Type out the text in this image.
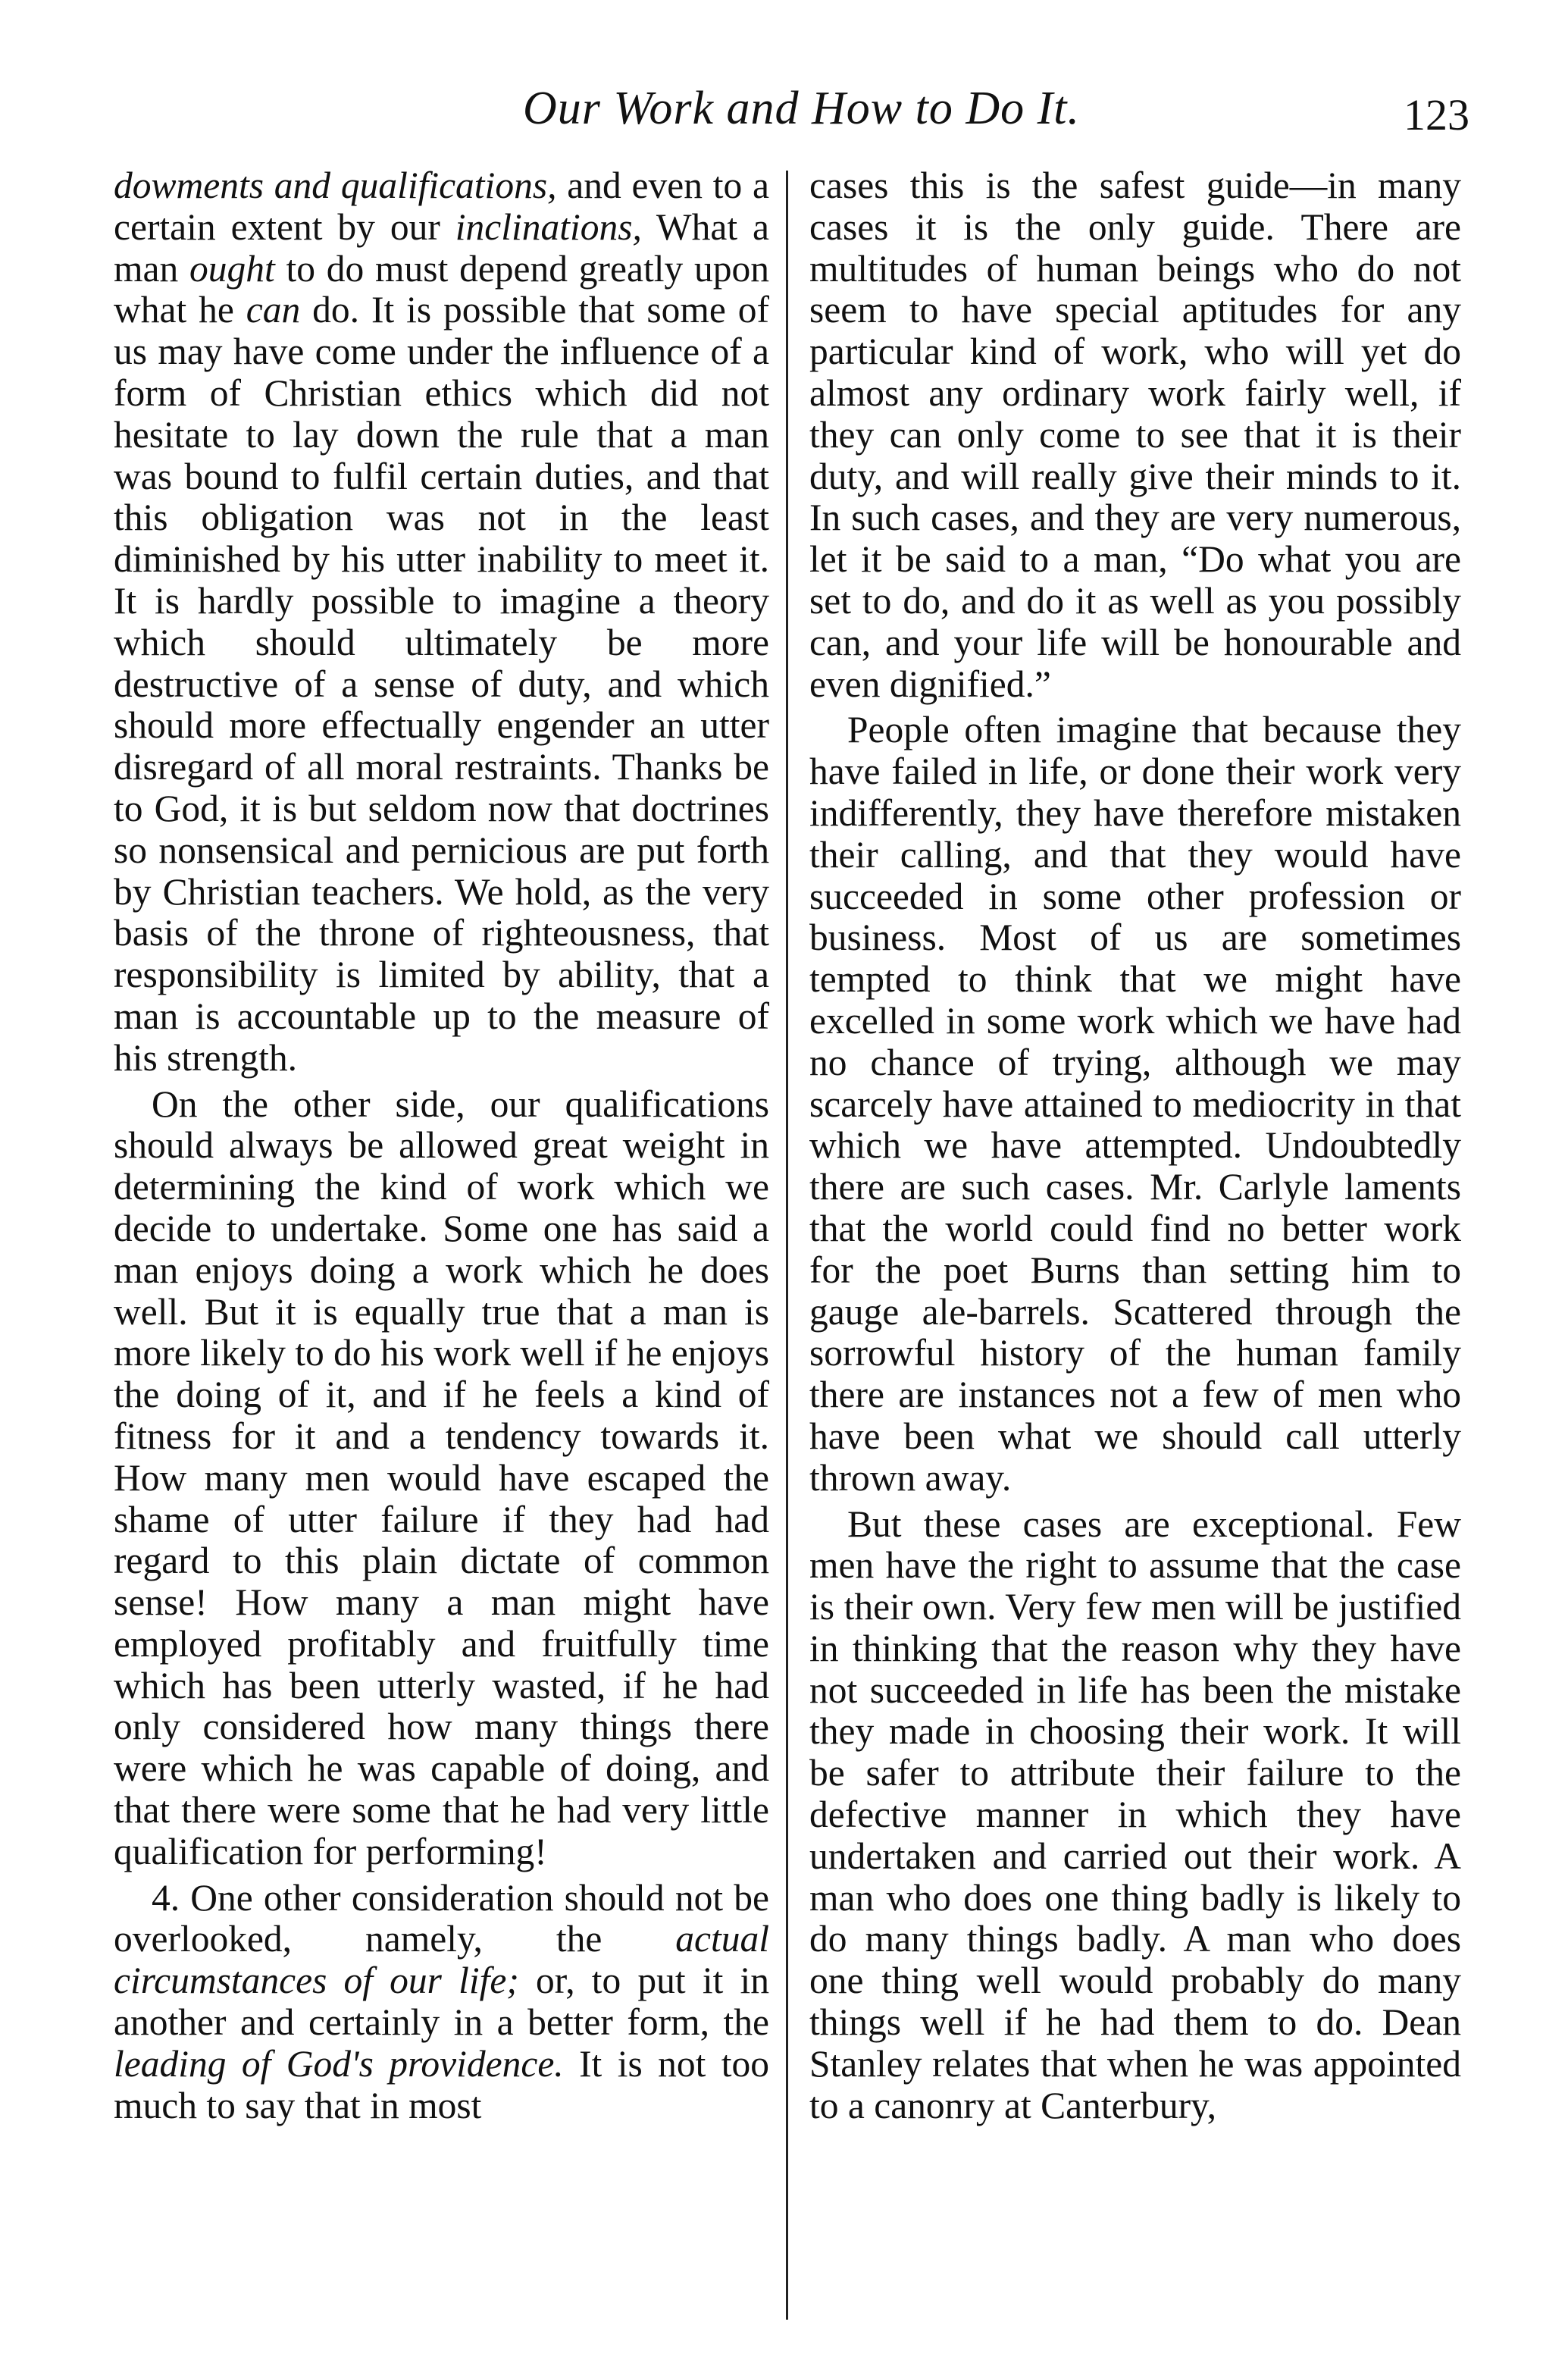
Our Work and How to Do It.	123

dowments and qualifications, and even to a certain extent by our inclinations, What a man ought to do must depend greatly upon what he can do. It is possible that some of us may have come under the influence of a form of Christian ethics which did not hesitate to lay down the rule that a man was bound to fulfil certain duties, and that this obligation was not in the least diminished by his utter inability to meet it. It is hardly possible to imagine a theory which should ultimately be more destructive of a sense of duty, and which should more effectually engender an utter disregard of all moral restraints. Thanks be to God, it is but seldom now that doctrines so nonsensical and pernicious are put forth by Christian teachers. We hold, as the very basis of the throne of righteousness, that responsibility is limited by ability, that a man is accountable up to the measure of his strength.

On the other side, our qualifications should always be allowed great weight in determining the kind of work which we decide to undertake. Some one has said a man enjoys doing a work which he does well. But it is equally true that a man is more likely to do his work well if he enjoys the doing of it, and if he feels a kind of fitness for it and a tendency towards it. How many men would have escaped the shame of utter failure if they had had regard to this plain dictate of common sense! How many a man might have employed profitably and fruitfully time which has been utterly wasted, if he had only considered how many things there were which he was capable of doing, and that there were some that he had very little qualification for performing!

4. One other consideration should not be overlooked, namely, the actual circumstances of our life; or, to put it in another and certainly in a better form, the leading of God's providence. It is not too much to say that in most

cases this is the safest guide—in many cases it is the only guide. There are multitudes of human beings who do not seem to have special aptitudes for any particular kind of work, who will yet do almost any ordinary work fairly well, if they can only come to see that it is their duty, and will really give their minds to it. In such cases, and they are very numerous, let it be said to a man, “Do what you are set to do, and do it as well as you possibly can, and your life will be honourable and even dignified.”

People often imagine that because they have failed in life, or done their work very indifferently, they have therefore mistaken their calling, and that they would have succeeded in some other profession or business. Most of us are sometimes tempted to think that we might have excelled in some work which we have had no chance of trying, although we may scarcely have attained to mediocrity in that which we have attempted. Undoubtedly there are such cases. Mr. Carlyle laments that the world could find no better work for the poet Burns than setting him to gauge ale-barrels. Scattered through the sorrowful history of the human family there are instances not a few of men who have been what we should call utterly thrown away.

But these cases are exceptional. Few men have the right to assume that the case is their own. Very few men will be justified in thinking that the reason why they have not succeeded in life has been the mistake they made in choosing their work. It will be safer to attribute their failure to the defective manner in which they have undertaken and carried out their work. A man who does one thing badly is likely to do many things badly. A man who does one thing well would probably do many things well if he had them to do. Dean Stanley relates that when he was appointed to a canonry at Canterbury,
